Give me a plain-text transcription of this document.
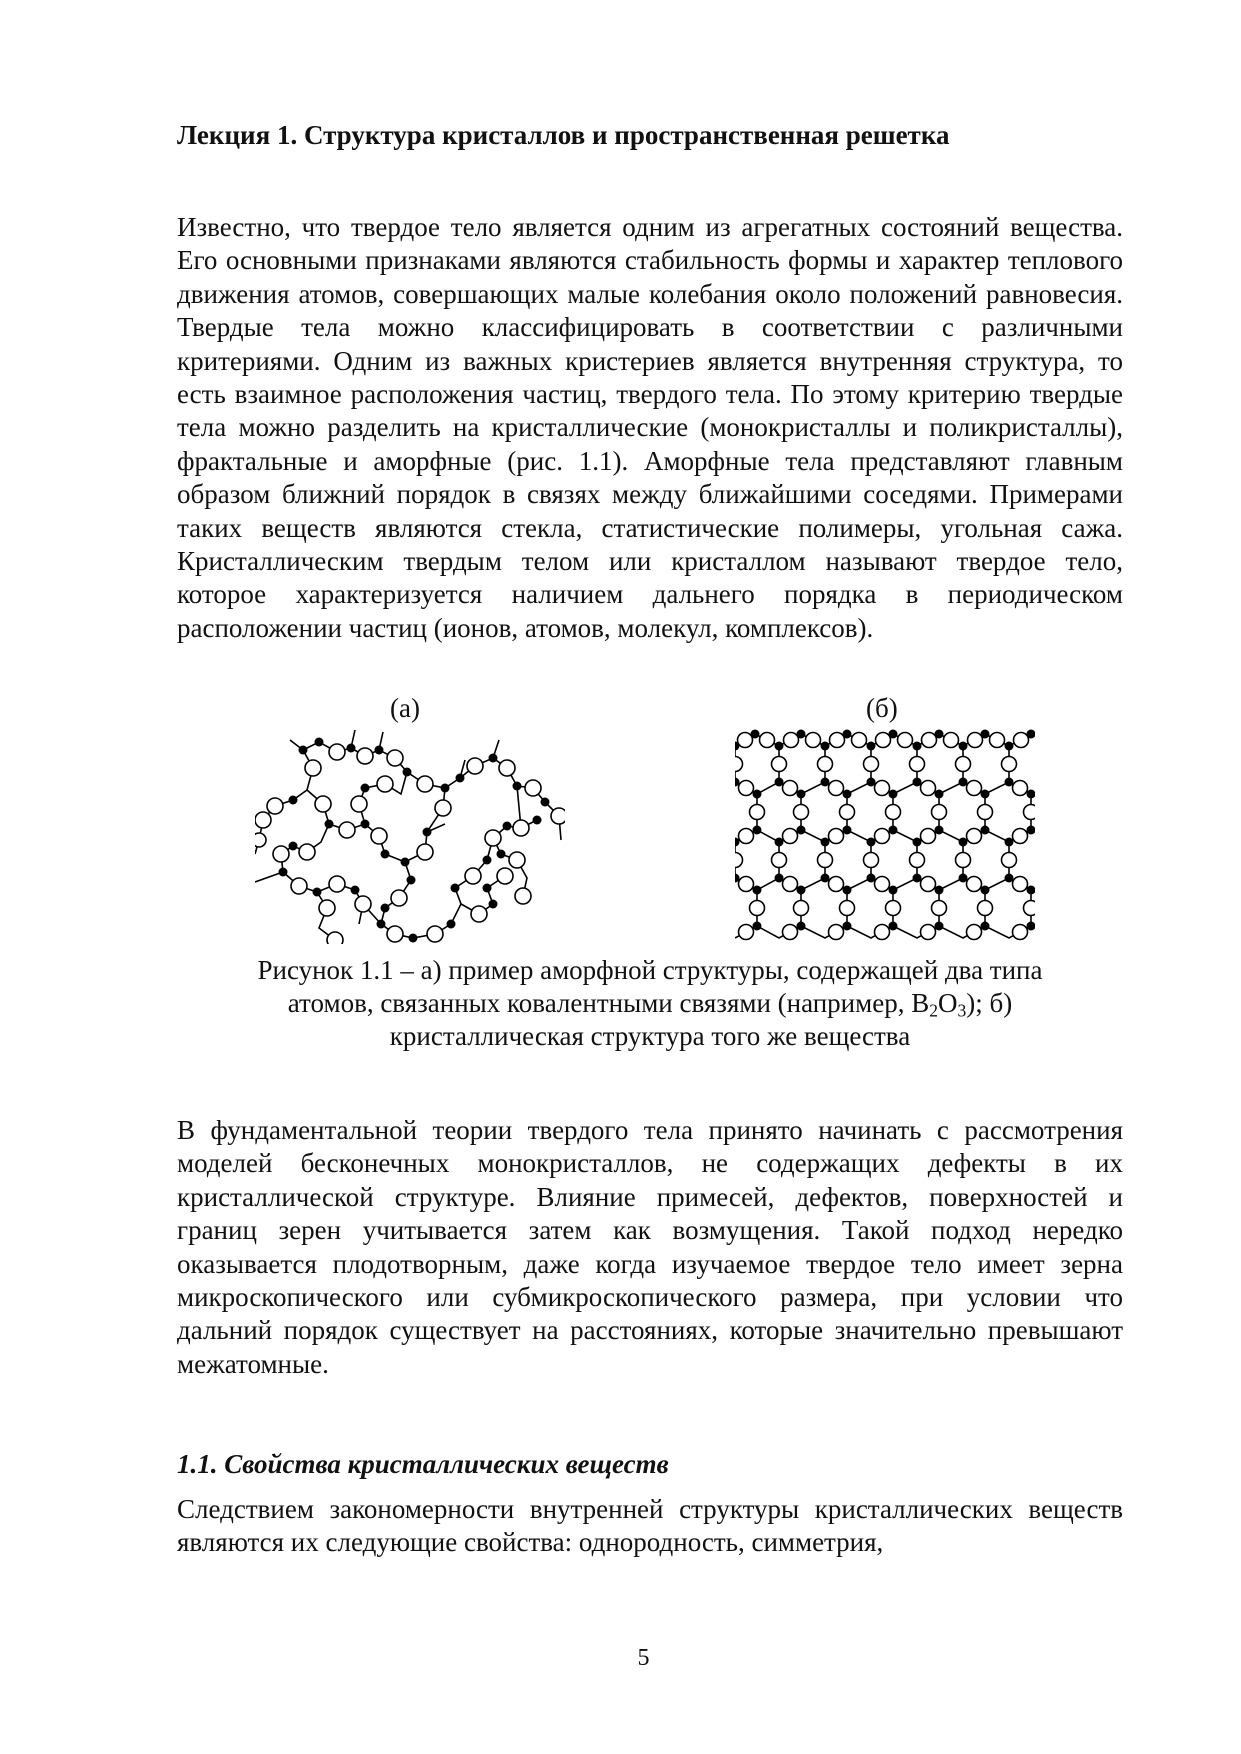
Лекция 1. Структура кристаллов и пространственная решетка

Известно, что твердое тело является одним из агрегатных состояний вещества. Его основными признаками являются стабильность формы и характер теплового движения атомов, совершающих малые колебания около положений равновесия. Твердые тела можно классифицировать в соответствии с различными критериями. Одним из важных кристериев является внутренняя структура, то есть взаимное расположения частиц, твердого тела. По этому критерию твердые тела можно разделить на кристаллические (монокристаллы и поликристаллы), фрактальные и аморфные (рис. 1.1). Аморфные тела представляют главным образом ближний порядок в связях между ближайшими соседями. Примерами таких веществ являются стекла, статистические полимеры, угольная сажа. Кристаллическим твердым телом или кристаллом называют твердое тело, которое характеризуется наличием дальнего порядка в периодическом расположении частиц (ионов, атомов, молекул, комплексов).

(а)	(б)
Рисунок 1.1 – а) пример аморфной структуры, содержащей два типа
атомов, связанных ковалентными связями (например, $B_2O_3$); б)
кристаллическая структура того же вещества

В фундаментальной теории твердого тела принято начинать с рассмотрения моделей бесконечных монокристаллов, не содержащих дефекты в их кристаллической структуре. Влияние примесей, дефектов, поверхностей и границ зерен учитывается затем как возмущения. Такой подход нередко оказывается плодотворным, даже когда изучаемое твердое тело имеет зерна микроскопического или субмикроскопического размера, при условии что дальний порядок существует на расстояниях, которые значительно превышают межатомные.

1.1. Свойства кристаллических веществ

Следствием закономерности внутренней структуры кристаллических веществ являются их следующие свойства: однородность, симметрия,

5
